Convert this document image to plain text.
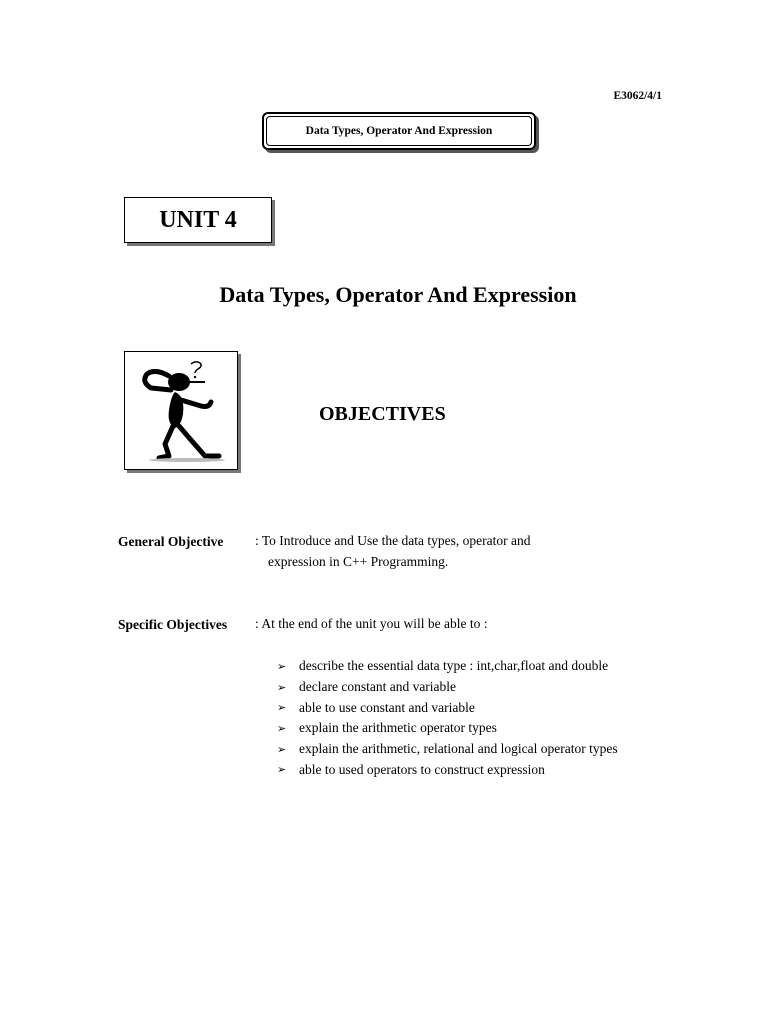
E3062/4/1
Data Types, Operator And Expression
UNIT 4
Data Types, Operator And Expression
OBJECTIVES
General Objective : To Introduce and Use the data types, operator and
expression in C++ Programming.
Specific Objectives : At the end of the unit you will be able to :
➢ describe the essential data type : int,char,float and double
➢ declare constant and variable
➢ able to use constant and variable
➢ explain the arithmetic operator types
➢ explain the arithmetic, relational and logical operator types
➢ able to used operators to construct expression
